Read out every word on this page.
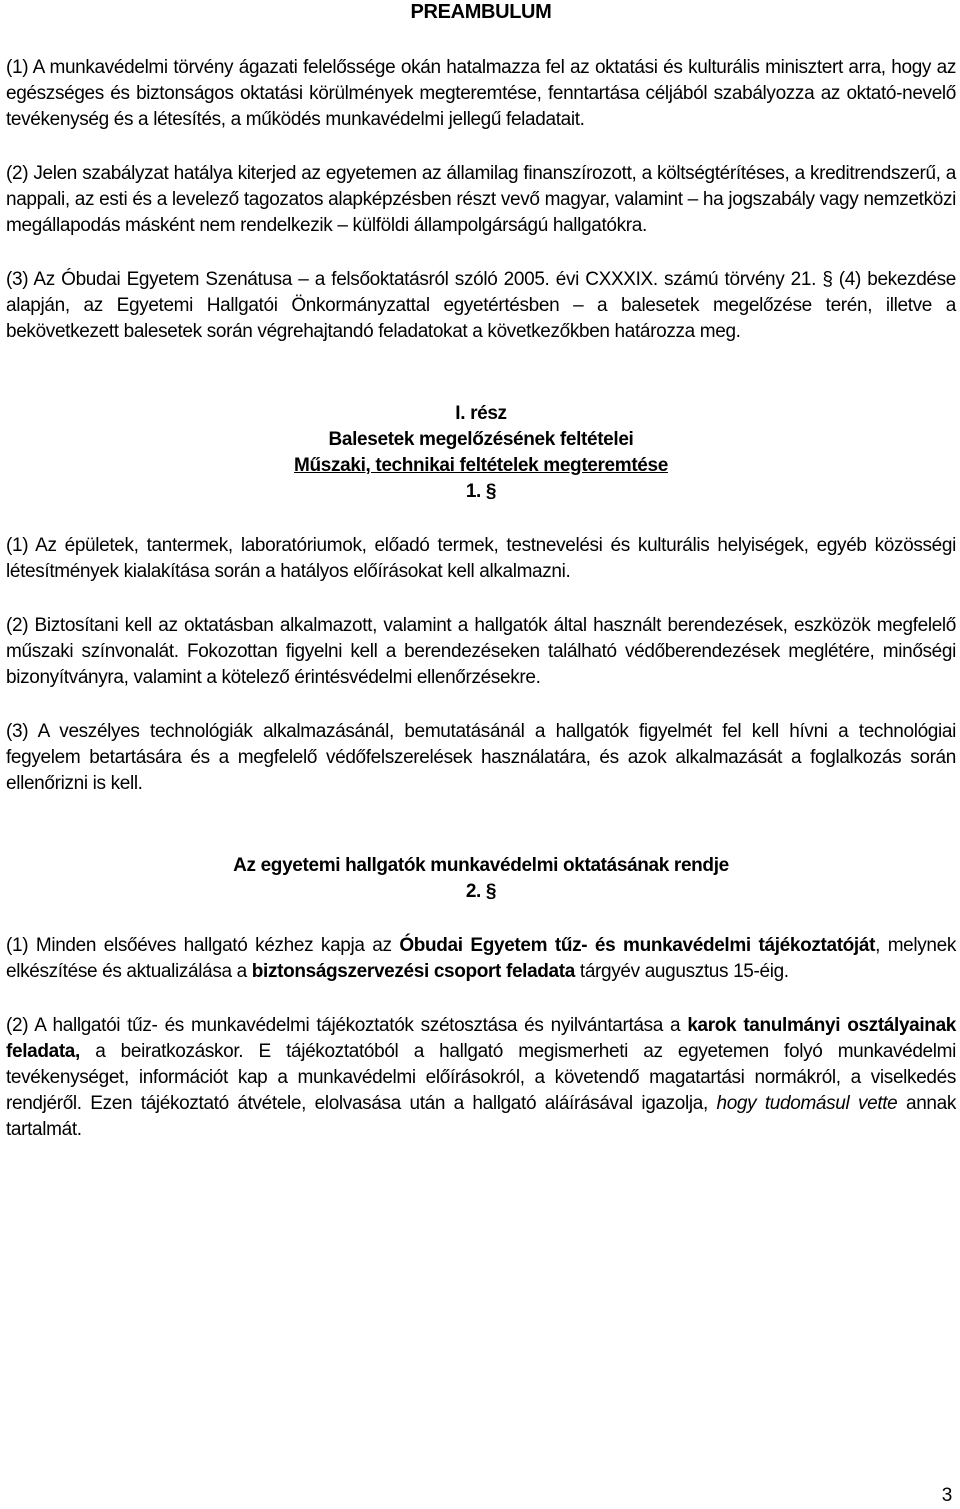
PREAMBULUM

(1) A munkavédelmi törvény ágazati felelőssége okán hatalmazza fel az oktatási és kulturális minisztert arra, hogy az egészséges és biztonságos oktatási körülmények megteremtése, fenntartása céljából szabályozza az oktató-nevelő tevékenység és a létesítés, a működés munkavédelmi jellegű feladatait.

(2) Jelen szabályzat hatálya kiterjed az egyetemen az államilag finanszírozott, a költségtérítéses, a kreditrendszerű, a nappali, az esti és a levelező tagozatos alapképzésben részt vevő magyar, valamint – ha jogszabály vagy nemzetközi megállapodás másként nem rendelkezik – külföldi állampolgárságú hallgatókra.

(3) Az Óbudai Egyetem Szenátusa – a felsőoktatásról szóló 2005. évi CXXXIX. számú törvény 21. § (4) bekezdése alapján, az Egyetemi Hallgatói Önkormányzattal egyetértésben – a balesetek megelőzése terén, illetve a bekövetkezett balesetek során végrehajtandó feladatokat a következőkben határozza meg.

I. rész
Balesetek megelőzésének feltételei
Műszaki, technikai feltételek megteremtése
1. §

(1) Az épületek, tantermek, laboratóriumok, előadó termek, testnevelési és kulturális helyiségek, egyéb közösségi létesítmények kialakítása során a hatályos előírásokat kell alkalmazni.

(2) Biztosítani kell az oktatásban alkalmazott, valamint a hallgatók által használt berendezések, eszközök megfelelő műszaki színvonalát. Fokozottan figyelni kell a berendezéseken található védőberendezések meglétére, minőségi bizonyítványra, valamint a kötelező érintésvédelmi ellenőrzésekre.

(3) A veszélyes technológiák alkalmazásánál, bemutatásánál a hallgatók figyelmét fel kell hívni a technológiai fegyelem betartására és a megfelelő védőfelszerelések használatára, és azok alkalmazását a foglalkozás során ellenőrizni is kell.

Az egyetemi hallgatók munkavédelmi oktatásának rendje
2. §

(1) Minden elsőéves hallgató kézhez kapja az Óbudai Egyetem tűz- és munkavédelmi tájékoztatóját, melynek elkészítése és aktualizálása a biztonságszervezési csoport feladata tárgyév augusztus 15-éig.

(2) A hallgatói tűz- és munkavédelmi tájékoztatók szétosztása és nyilvántartása a karok tanulmányi osztályainak feladata, a beiratkozáskor. E tájékoztatóból a hallgató megismerheti az egyetemen folyó munkavédelmi tevékenységet, információt kap a munkavédelmi előírásokról, a követendő magatartási normákról, a viselkedés rendjéről. Ezen tájékoztató átvétele, elolvasása után a hallgató aláírásával igazolja, hogy tudomásul vette annak tartalmát.

3
